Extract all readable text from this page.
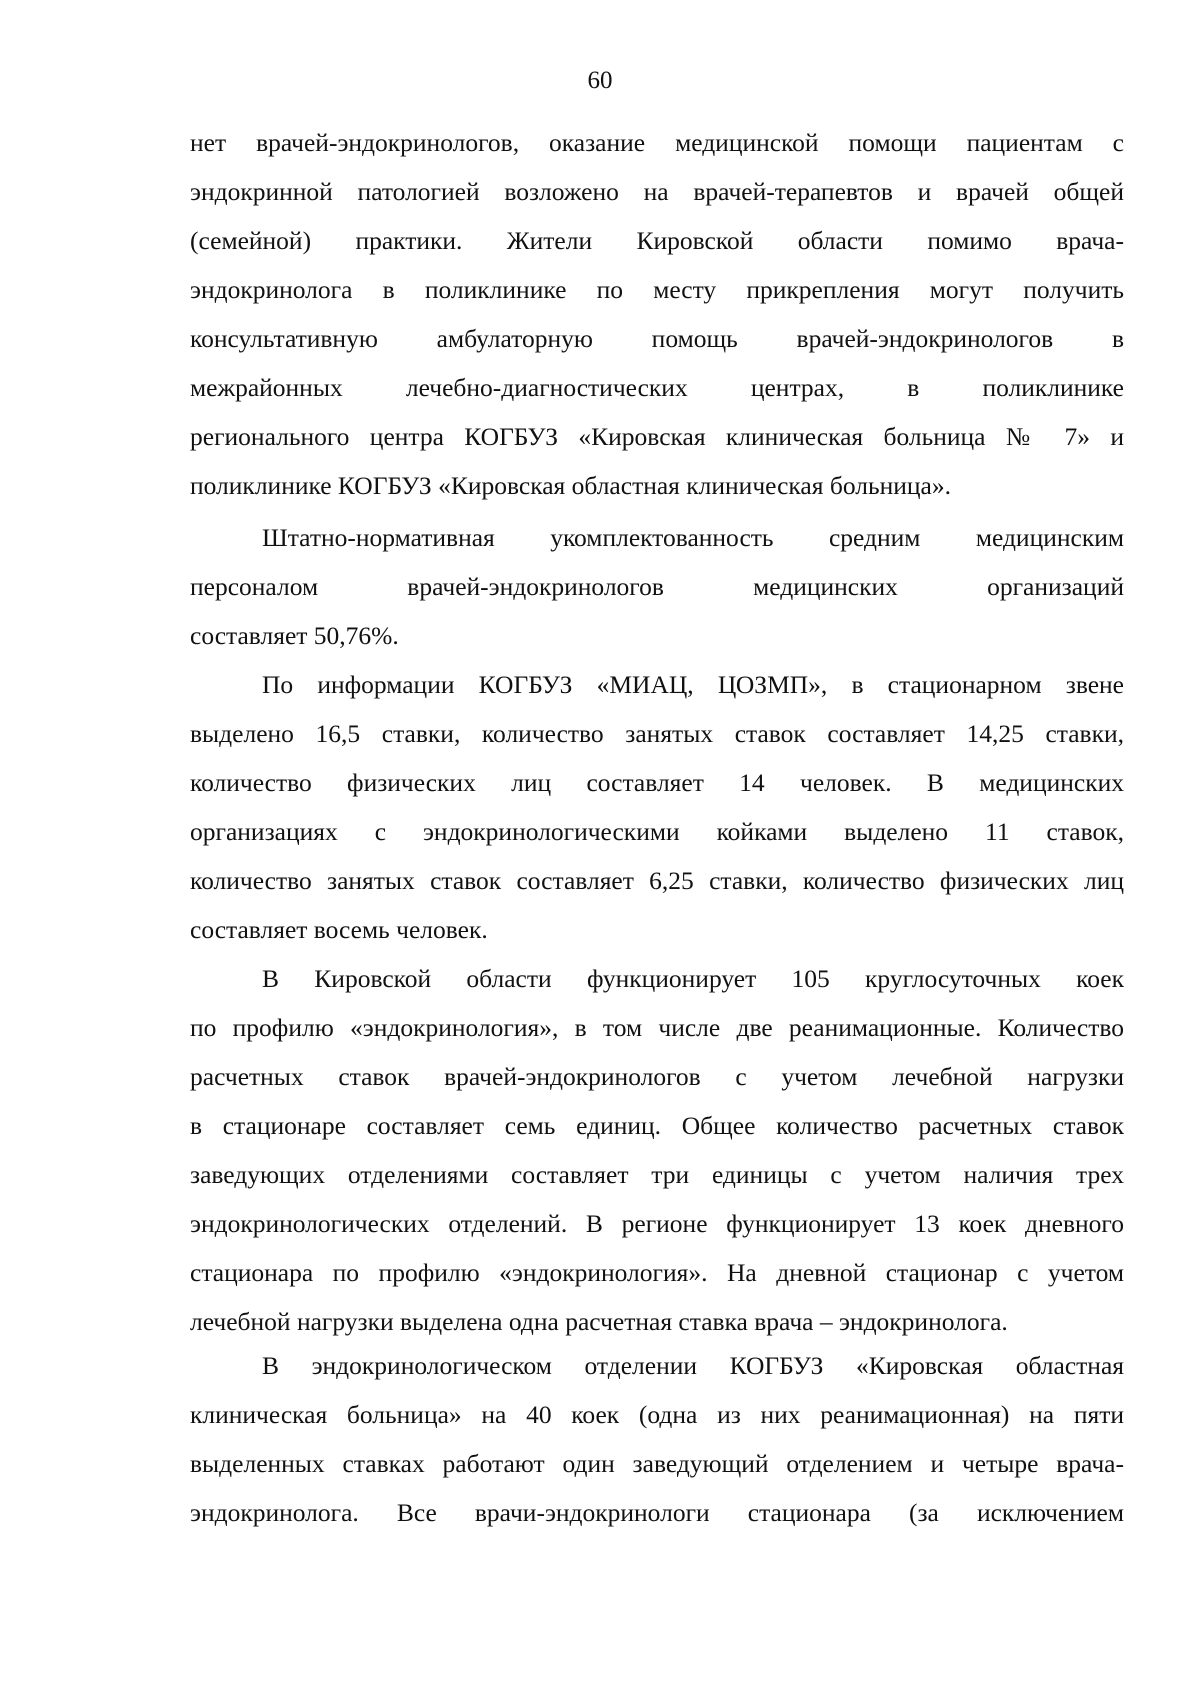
60
нет врачей-эндокринологов, оказание медицинской помощи пациентам с
эндокринной патологией возложено на врачей-терапевтов и врачей общей
(семейной) практики. Жители Кировской области помимо врача-
эндокринолога в поликлинике по месту прикрепления могут получить
консультативную амбулаторную помощь врачей-эндокринологов в
межрайонных лечебно-диагностических центрах, в поликлинике
регионального центра КОГБУЗ «Кировская клиническая больница № 7» и
поликлинике КОГБУЗ «Кировская областная клиническая больница».
Штатно-нормативная укомплектованность средним медицинским
персоналом врачей-эндокринологов медицинских организаций
составляет 50,76%.
По информации КОГБУЗ «МИАЦ, ЦОЗМП», в стационарном звене
выделено 16,5 ставки, количество занятых ставок составляет 14,25 ставки,
количество физических лиц составляет 14 человек. В медицинских
организациях с эндокринологическими койками выделено 11 ставок,
количество занятых ставок составляет 6,25 ставки, количество физических лиц
составляет восемь человек.
В Кировской области функционирует 105 круглосуточных коек
по профилю «эндокринология», в том числе две реанимационные. Количество
расчетных ставок врачей-эндокринологов с учетом лечебной нагрузки
в стационаре составляет семь единиц. Общее количество расчетных ставок
заведующих отделениями составляет три единицы с учетом наличия трех
эндокринологических отделений. В регионе функционирует 13 коек дневного
стационара по профилю «эндокринология». На дневной стационар с учетом
лечебной нагрузки выделена одна расчетная ставка врача – эндокринолога.
В эндокринологическом отделении КОГБУЗ «Кировская областная
клиническая больница» на 40 коек (одна из них реанимационная) на пяти
выделенных ставках работают один заведующий отделением и четыре врача-
эндокринолога. Все врачи-эндокринологи стационара (за исключением
